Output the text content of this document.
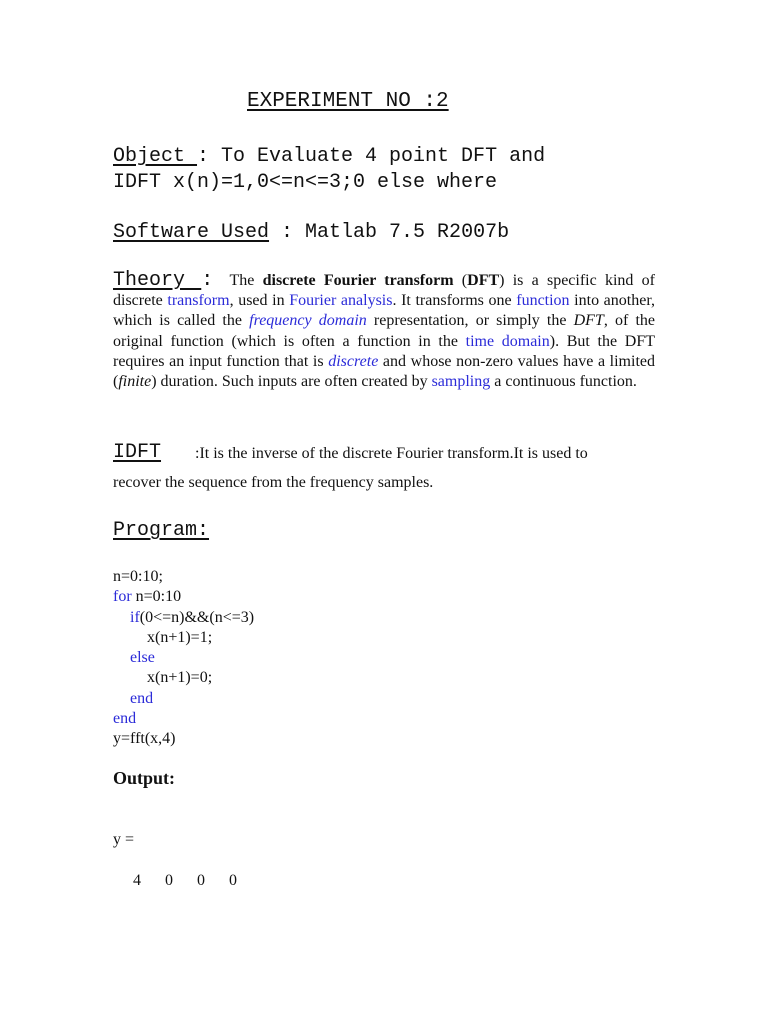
EXPERIMENT NO :2
Object : To Evaluate 4 point DFT and
IDFT x(n)=1,0<=n<=3;0 else where
Software Used : Matlab 7.5 R2007b
Theory : The discrete Fourier transform (DFT) is a specific kind of discrete transform, used in Fourier analysis. It transforms one function into another, which is called the frequency domain representation, or simply the DFT, of the original function (which is often a function in the time domain). But the DFT requires an input function that is discrete and whose non-zero values have a limited (finite) duration. Such inputs are often created by sampling a continuous function.
IDFT :It is the inverse of the discrete Fourier transform.It is used to
recover the sequence from the frequency samples.
Program:
n=0:10;
for n=0:10
if(0<=n)&&(n<=3)
x(n+1)=1;
else
x(n+1)=0;
end
end
y=fft(x,4)
Output:
y =
4	0	0	0
